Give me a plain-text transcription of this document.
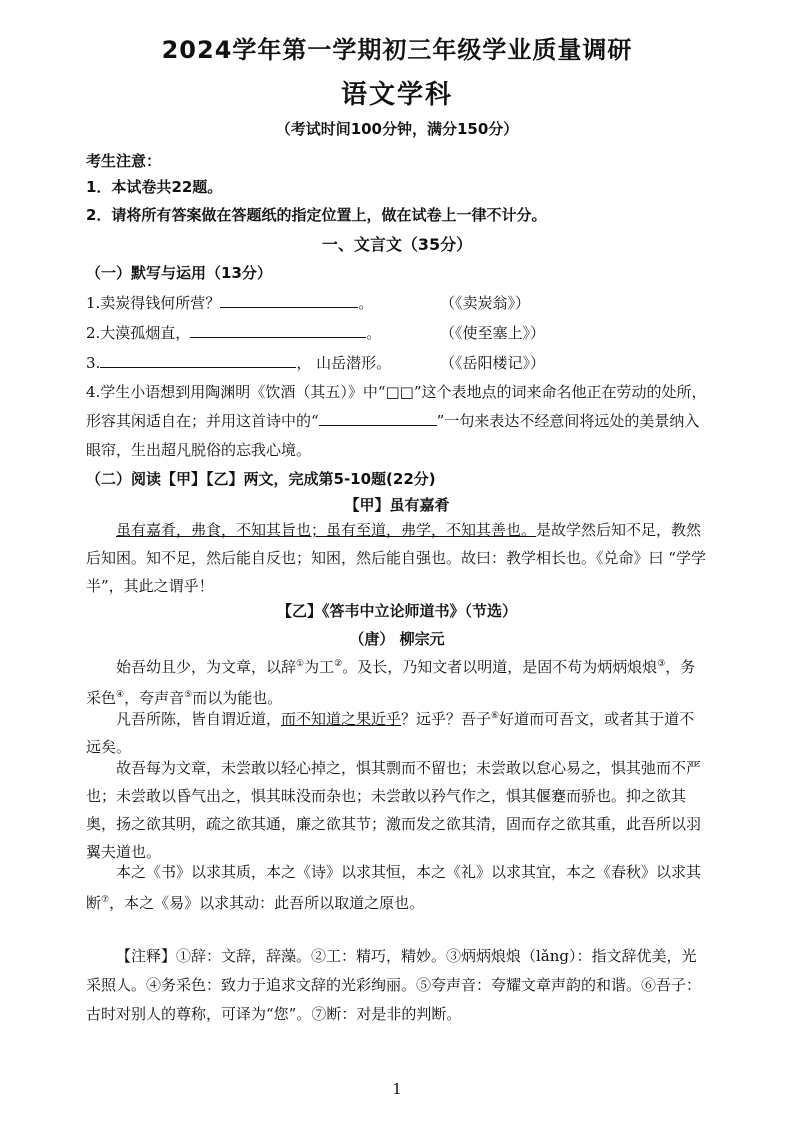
2024学年第一学期初三年级学业质量调研
语文学科
（考试时间100分钟，满分150分）
考生注意：
1．本试卷共22题。
2．请将所有答案做在答题纸的指定位置上，做在试卷上一律不计分。
一、文言文（35分）
（一）默写与运用（13分）
1.卖炭得钱何所营？	。	（《卖炭翁》）
2.大漠孤烟直，	。	（《使至塞上》）
3.	， 山岳潜形。	（《岳阳楼记》）
4.学生小语想到用陶渊明《饮酒（其五）》中“□□”这个表地点的词来命名他正在劳动的处所，形容其闲适自在；并用这首诗中的“	”一句来表达不经意间将远处的美景纳入眼帘，生出超凡脱俗的忘我心境。
（二）阅读【甲】【乙】两文，完成第5-10题(22分)
【甲】虽有嘉肴
虽有嘉肴，弗食，不知其旨也；虽有至道，弗学，不知其善也。是故学然后知不足，教然后知困。知不足，然后能自反也；知困，然后能自强也。故曰：教学相长也。《兑命》曰 “学学半”，其此之谓乎！
【乙】《答韦中立论师道书》（节选）
（唐） 柳宗元
始吾幼且少，为文章，以辞①为工②。及长，乃知文者以明道，是固不苟为炳炳烺烺③，务采色④，夸声音⑤而以为能也。
凡吾所陈，皆自谓近道，而不知道之果近乎？远乎？吾子⑥好道而可吾文，或者其于道不远矣。
故吾每为文章，未尝敢以轻心掉之，惧其剽而不留也；未尝敢以怠心易之，惧其弛而不严也；未尝敢以昏气出之，惧其昧没而杂也；未尝敢以矜气作之，惧其偃蹇而骄也。抑之欲其奥，扬之欲其明，疏之欲其通，廉之欲其节；激而发之欲其清，固而存之欲其重，此吾所以羽翼夫道也。
本之《书》以求其质，本之《诗》以求其恒，本之《礼》以求其宜，本之《春秋》以求其断⑦，本之《易》以求其动：此吾所以取道之原也。
【注释】①辞：文辞，辞藻。②工：精巧，精妙。③炳炳烺烺（lǎng）：指文辞优美，光采照人。④务采色：致力于追求文辞的光彩绚丽。⑤夸声音：夸耀文章声韵的和谐。⑥吾子：古时对别人的尊称，可译为“您”。⑦断：对是非的判断。
1
